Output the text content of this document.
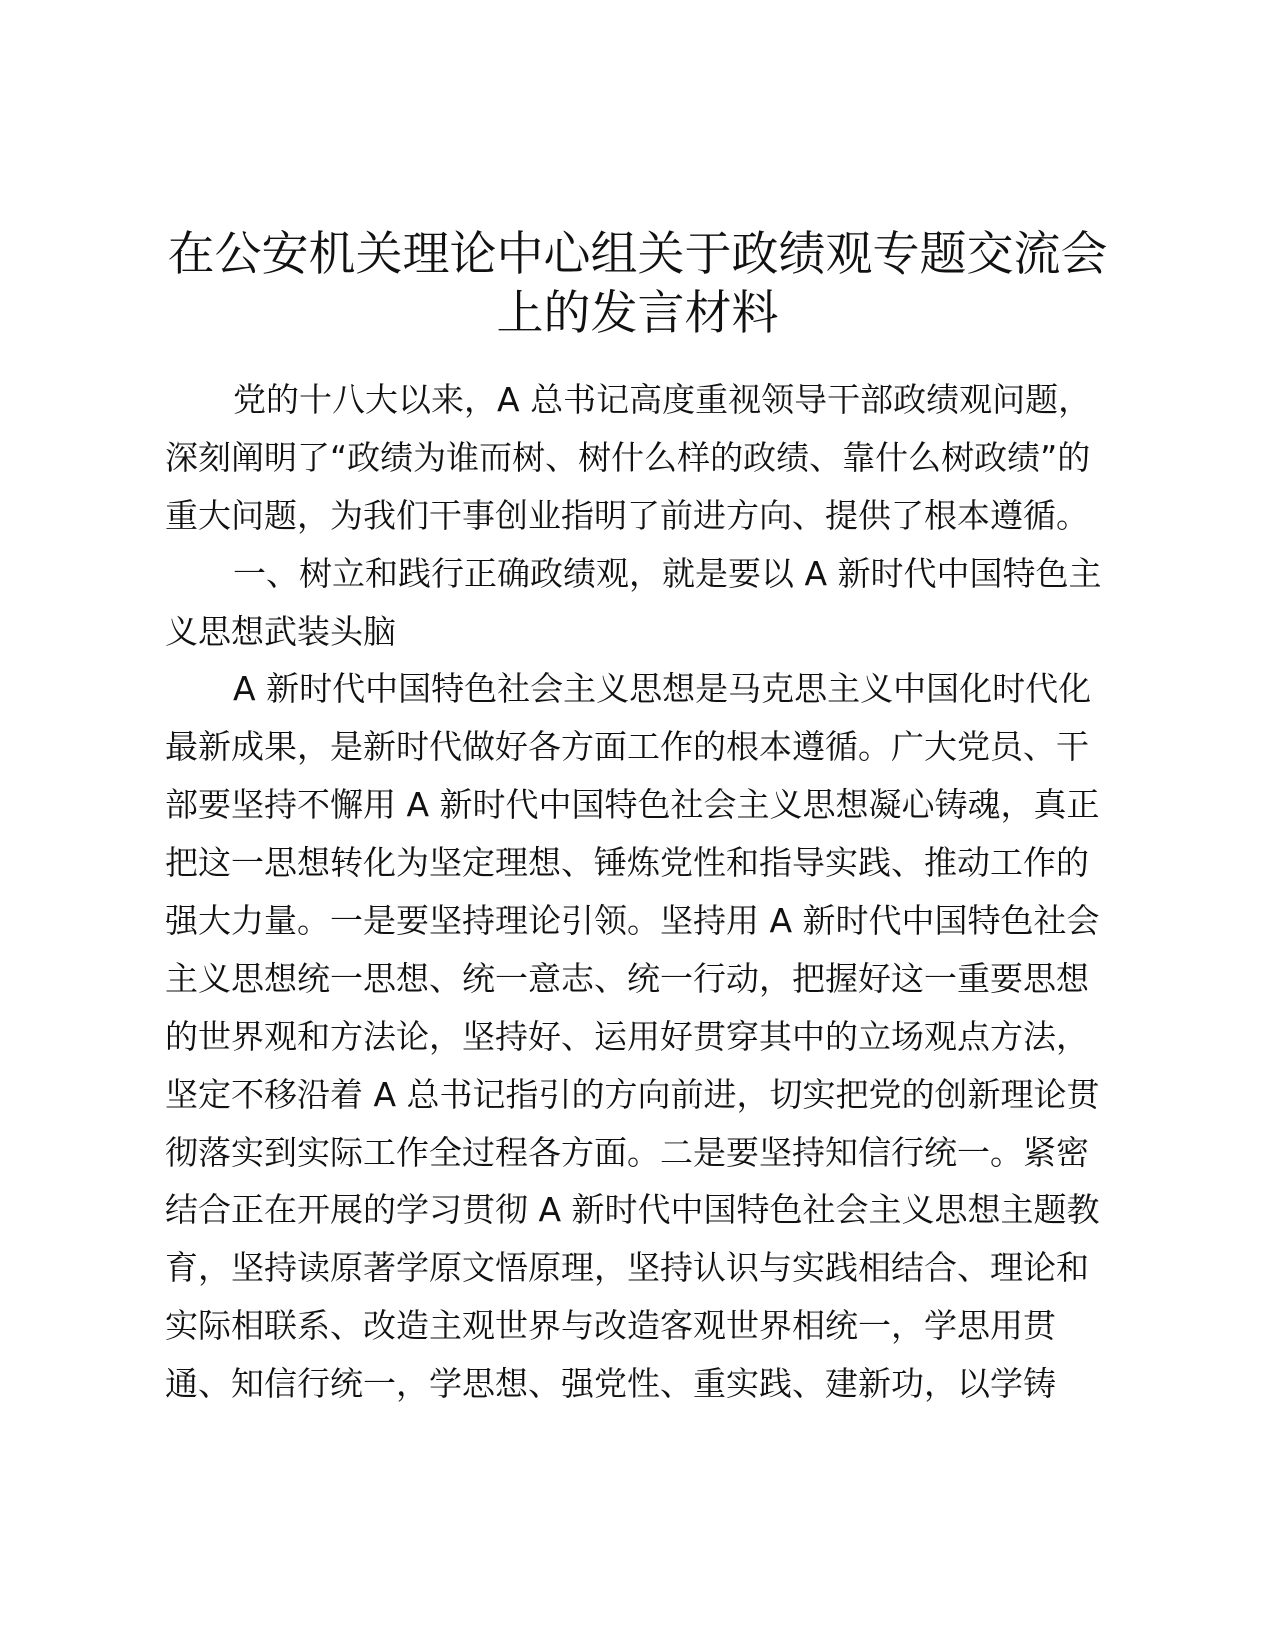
在公安机关理论中心组关于政绩观专题交流会
上的发言材料
党的十八大以来，A 总书记高度重视领导干部政绩观问题，
深刻阐明了“政绩为谁而树、树什么样的政绩、靠什么树政绩”的
重大问题，为我们干事创业指明了前进方向、提供了根本遵循。
一、树立和践行正确政绩观，就是要以 A 新时代中国特色主
义思想武装头脑
A 新时代中国特色社会主义思想是马克思主义中国化时代化
最新成果，是新时代做好各方面工作的根本遵循。广大党员、干
部要坚持不懈用 A 新时代中国特色社会主义思想凝心铸魂，真正
把这一思想转化为坚定理想、锤炼党性和指导实践、推动工作的
强大力量。一是要坚持理论引领。坚持用 A 新时代中国特色社会
主义思想统一思想、统一意志、统一行动，把握好这一重要思想
的世界观和方法论，坚持好、运用好贯穿其中的立场观点方法，
坚定不移沿着 A 总书记指引的方向前进，切实把党的创新理论贯
彻落实到实际工作全过程各方面。二是要坚持知信行统一。紧密
结合正在开展的学习贯彻 A 新时代中国特色社会主义思想主题教
育，坚持读原著学原文悟原理，坚持认识与实践相结合、理论和
实际相联系、改造主观世界与改造客观世界相统一，学思用贯
通、知信行统一，学思想、强党性、重实践、建新功，以学铸
